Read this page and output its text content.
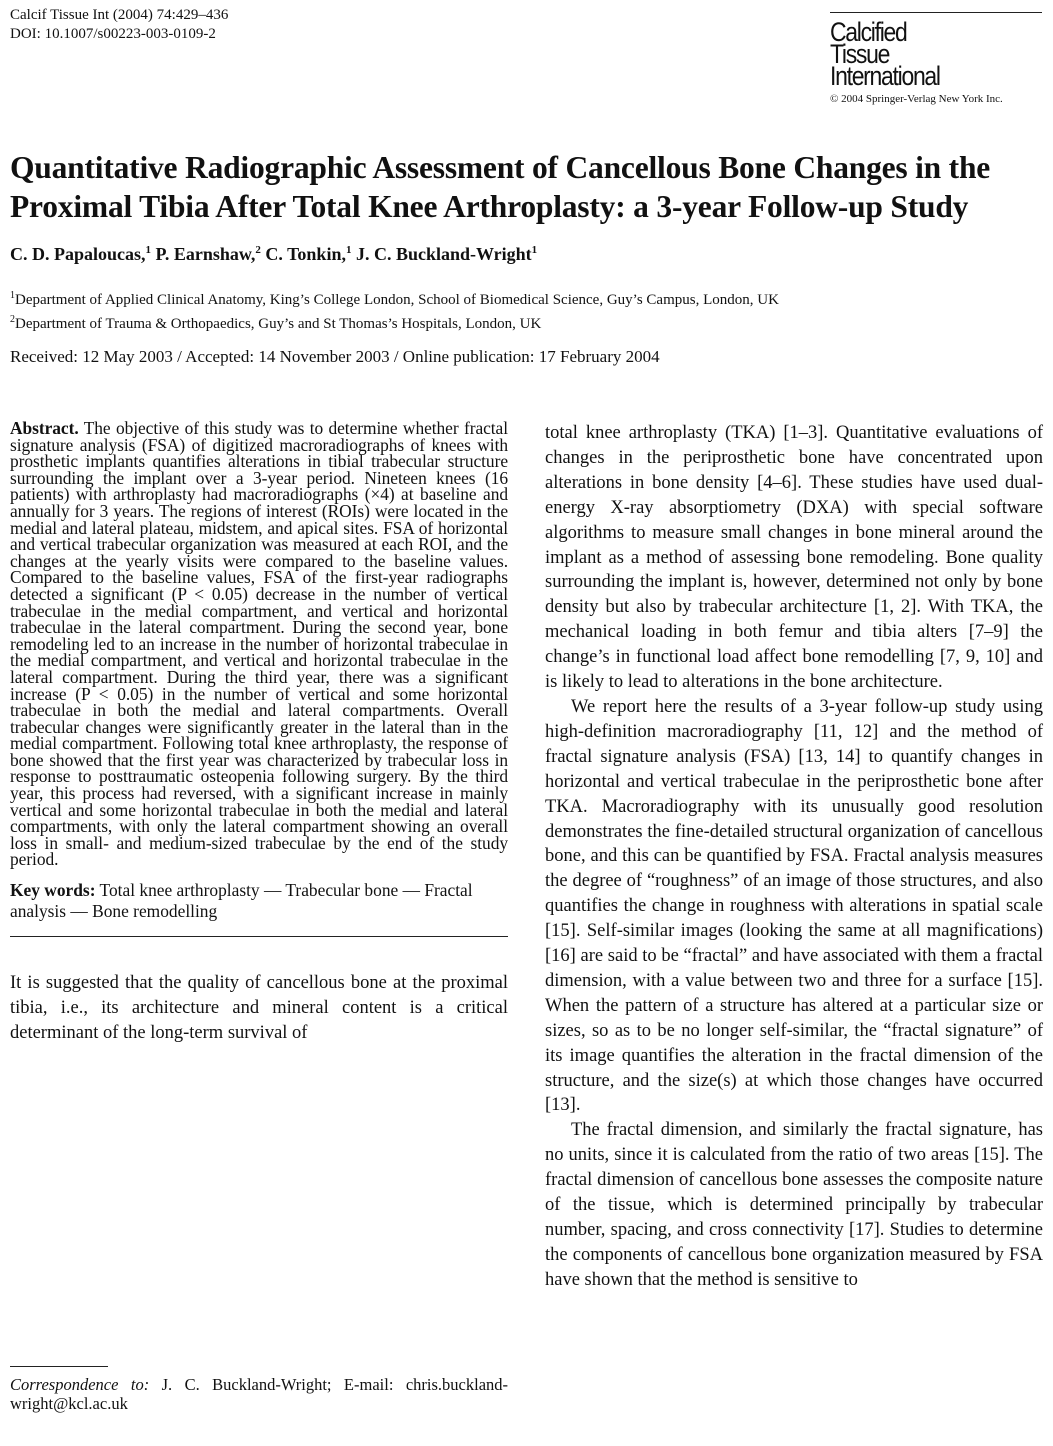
Calcif Tissue Int (2004) 74:429–436
DOI: 10.1007/s00223-003-0109-2	Calcified
Tissue
International
© 2004 Springer-Verlag New York Inc.
Quantitative Radiographic Assessment of Cancellous Bone Changes in the Proximal Tibia After Total Knee Arthroplasty: a 3-year Follow-up Study
C. D. Papaloucas,$^1$ P. Earnshaw,$^2$ C. Tonkin,$^1$ J. C. Buckland-Wright$^1$
$^1$Department of Applied Clinical Anatomy, King’s College London, School of Biomedical Science, Guy’s Campus, London, UK
$^2$Department of Trauma & Orthopaedics, Guy’s and St Thomas’s Hospitals, London, UK
Received: 12 May 2003 / Accepted: 14 November 2003 / Online publication: 17 February 2004
Abstract. The objective of this study was to determine whether fractal signature analysis (FSA) of digitized macroradiographs of knees with prosthetic implants quantifies alterations in tibial trabecular structure surrounding the implant over a 3-year period. Nineteen knees (16 patients) with arthroplasty had macroradiographs (×4) at baseline and annually for 3 years. The regions of interest (ROIs) were located in the medial and lateral plateau, midstem, and apical sites. FSA of horizontal and vertical trabecular organization was measured at each ROI, and the changes at the yearly visits were compared to the baseline values. Compared to the baseline values, FSA of the first-year radiographs detected a significant (P < 0.05) decrease in the number of vertical trabeculae in the medial compartment, and vertical and horizontal trabeculae in the lateral compartment. During the second year, bone remodeling led to an increase in the number of horizontal trabeculae in the medial compartment, and vertical and horizontal trabeculae in the lateral compartment. During the third year, there was a significant increase (P < 0.05) in the number of vertical and some horizontal trabeculae in both the medial and lateral compartments. Overall trabecular changes were significantly greater in the lateral than in the medial compartment. Following total knee arthroplasty, the response of bone showed that the first year was characterized by trabecular loss in response to posttraumatic osteopenia following surgery. By the third year, this process had reversed, with a significant increase in mainly vertical and some horizontal trabeculae in both the medial and lateral compartments, with only the lateral compartment showing an overall loss in small- and medium-sized trabeculae by the end of the study period.
Key words: Total knee arthroplasty — Trabecular bone — Fractal analysis — Bone remodelling
It is suggested that the quality of cancellous bone at the proximal tibia, i.e., its architecture and mineral content is a critical determinant of the long-term survival of
Correspondence to: J. C. Buckland-Wright; E-mail: chris.buckland-wright@kcl.ac.uk

total knee arthroplasty (TKA) [1–3]. Quantitative evaluations of changes in the periprosthetic bone have concentrated upon alterations in bone density [4–6]. These studies have used dual-energy X-ray absorptiometry (DXA) with special software algorithms to measure small changes in bone mineral around the implant as a method of assessing bone remodeling. Bone quality surrounding the implant is, however, determined not only by bone density but also by trabecular architecture [1, 2]. With TKA, the mechanical loading in both femur and tibia alters [7–9] the change’s in functional load affect bone remodelling [7, 9, 10] and is likely to lead to alterations in the bone architecture.

We report here the results of a 3-year follow-up study using high-definition macroradiography [11, 12] and the method of fractal signature analysis (FSA) [13, 14] to quantify changes in horizontal and vertical trabeculae in the periprosthetic bone after TKA. Macroradiography with its unusually good resolution demonstrates the fine-detailed structural organization of cancellous bone, and this can be quantified by FSA. Fractal analysis measures the degree of “roughness” of an image of those structures, and also quantifies the change in roughness with alterations in spatial scale [15]. Self-similar images (looking the same at all magnifications) [16] are said to be “fractal” and have associated with them a fractal dimension, with a value between two and three for a surface [15]. When the pattern of a structure has altered at a particular size or sizes, so as to be no longer self-similar, the “fractal signature” of its image quantifies the alteration in the fractal dimension of the structure, and the size(s) at which those changes have occurred [13].

The fractal dimension, and similarly the fractal signature, has no units, since it is calculated from the ratio of two areas [15]. The fractal dimension of cancellous bone assesses the composite nature of the tissue, which is determined principally by trabecular number, spacing, and cross connectivity [17]. Studies to determine the components of cancellous bone organization measured by FSA have shown that the method is sensitive to
